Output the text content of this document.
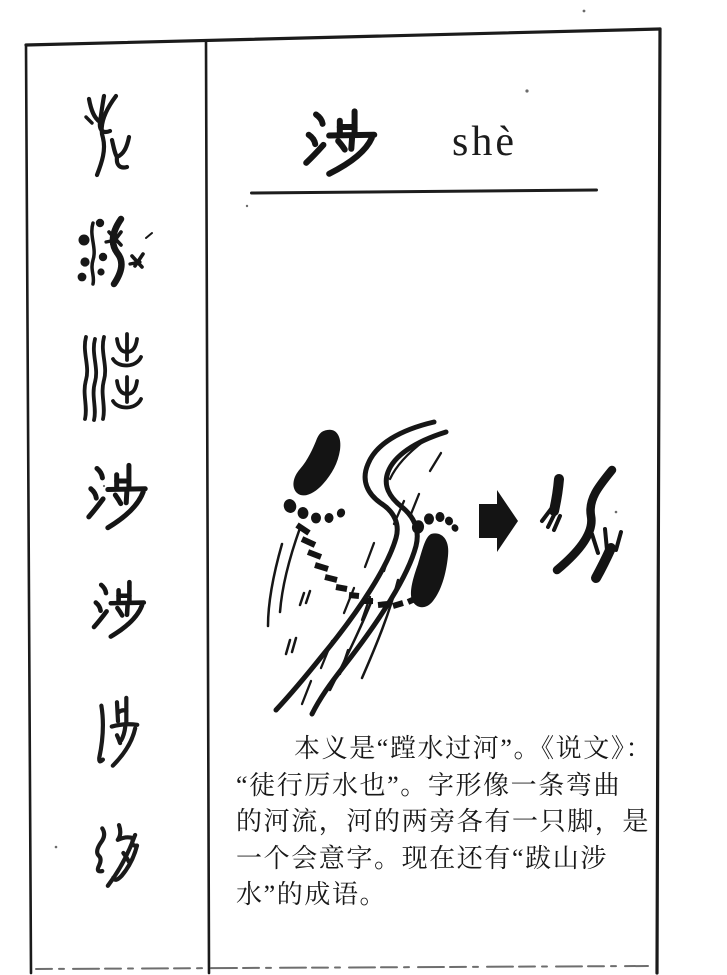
shè
本义是“蹚水过河”。《说文》：
“徒行厉水也”。字形像一条弯曲
的河流，河的两旁各有一只脚，是
一个会意字。现在还有“跋山涉
水”的成语。
